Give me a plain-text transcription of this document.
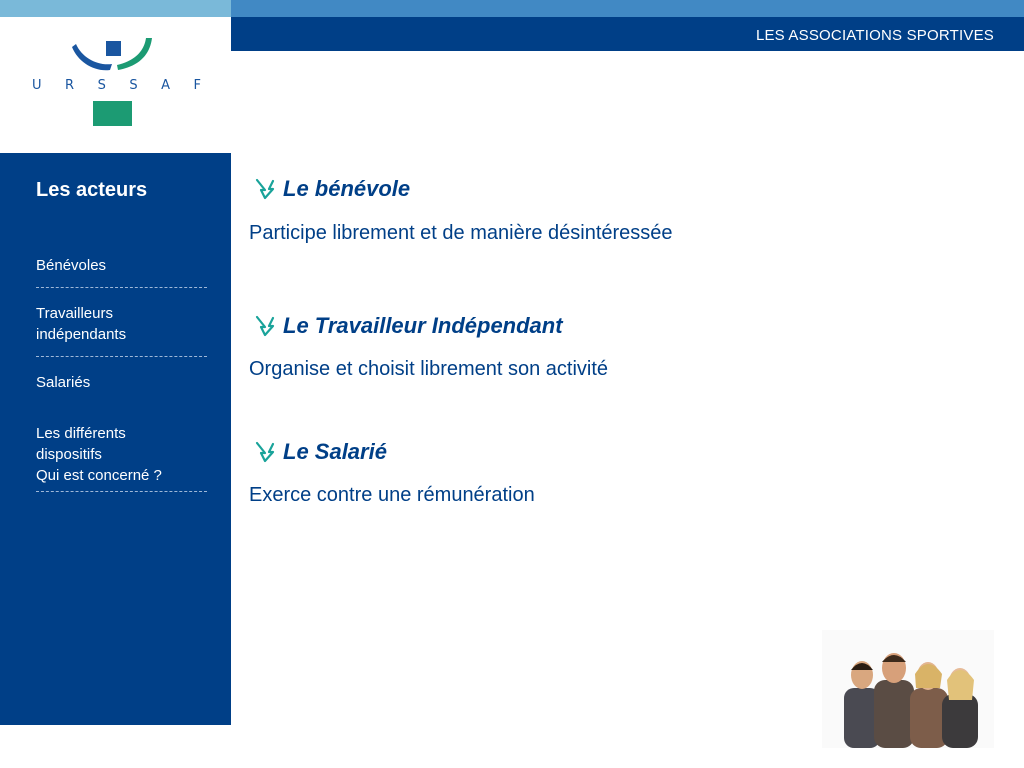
LES ASSOCIATIONS SPORTIVES
U R S S A F
Les acteurs
Bénévoles
Travailleurs
indépendants
Salariés
Les différents
dispositifs
Qui est concerné ?
Le bénévole
Participe librement et de manière désintéressée
Le Travailleur Indépendant
Organise et choisit librement son activité
Le Salarié
Exerce contre une rémunération
